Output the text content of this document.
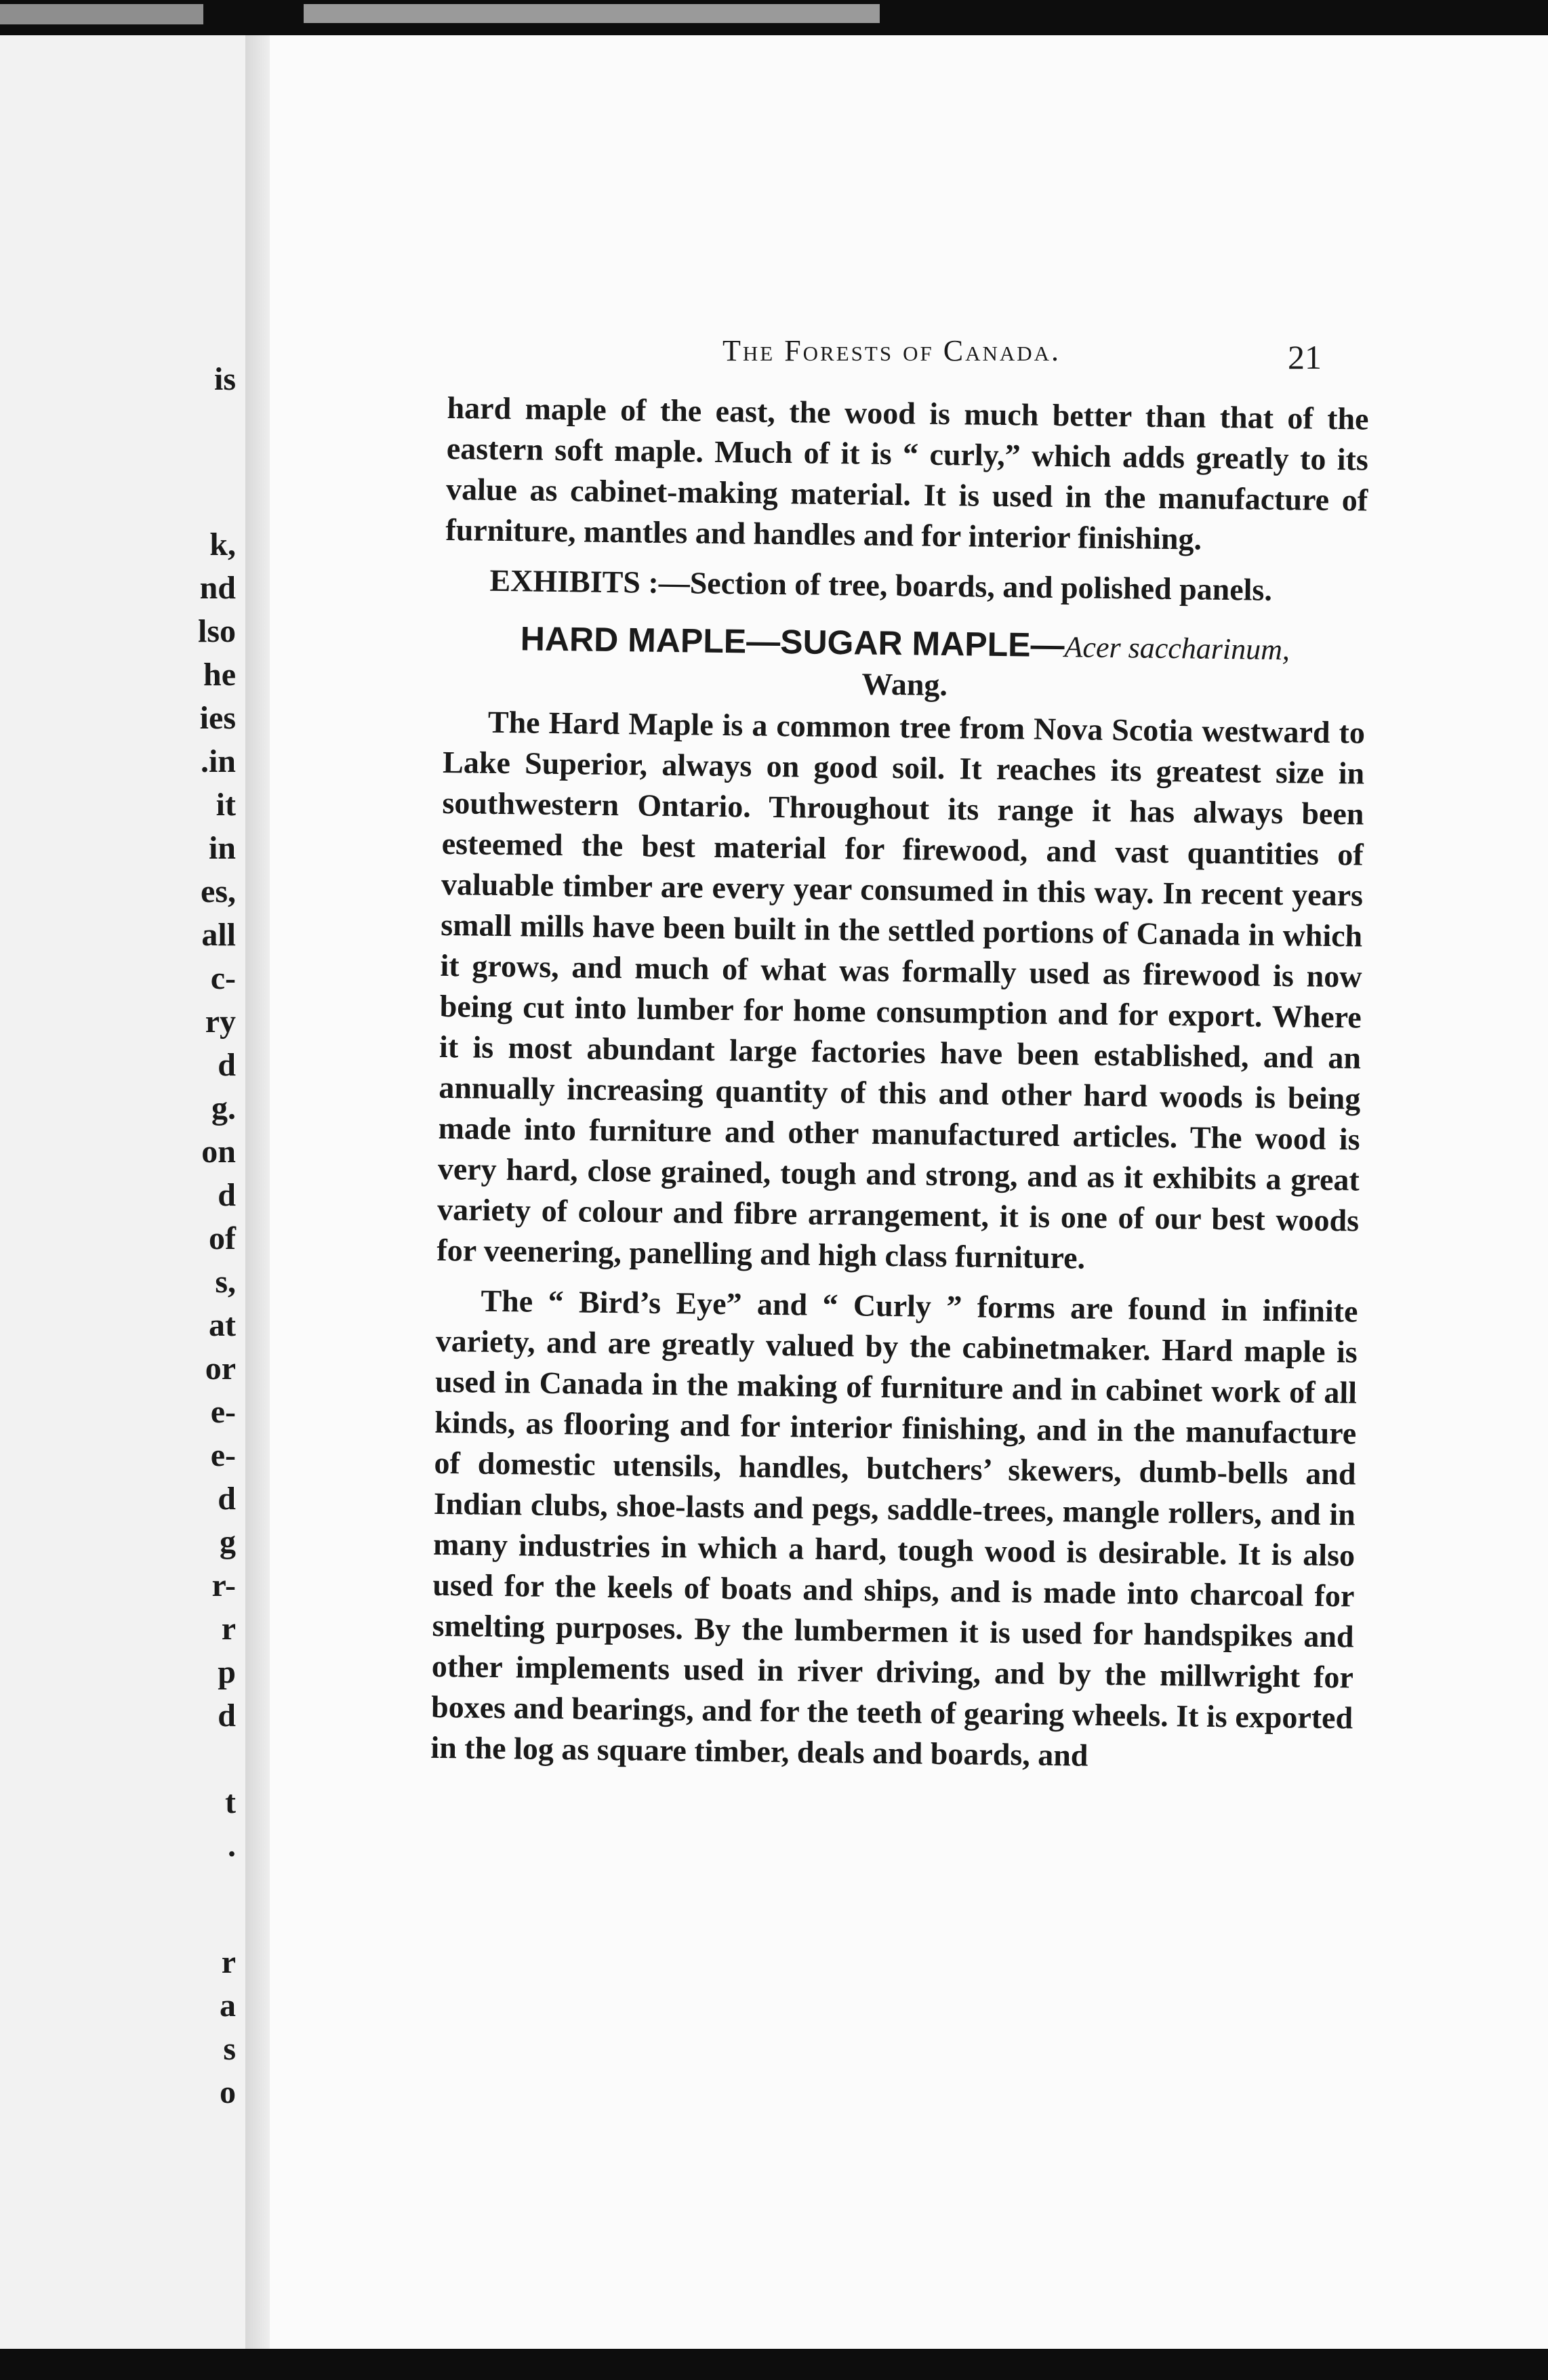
is
k,
nd
lso
he
ies
.in
it
in
es,
all
c-
ry
d
g.
on
d
of
s,
at
or
e-
e-
d
g
r-
r
p
d
t
.
r
a
s
o
The Forests of Canada.	21

hard maple of the east, the wood is much better than that of the eastern soft maple. Much of it is “ curly,” which adds greatly to its value as cabinet-making material. It is used in the manufacture of furniture, mantles and handles and for interior finishing.

EXHIBITS :—Section of tree, boards, and polished panels.

HARD MAPLE—SUGAR MAPLE—Acer saccharinum,
Wang.

The Hard Maple is a common tree from Nova Scotia westward to Lake Superior, always on good soil. It reaches its greatest size in southwestern Ontario. Throughout its range it has always been esteemed the best material for firewood, and vast quantities of valuable timber are every year consumed in this way. In recent years small mills have been built in the settled portions of Canada in which it grows, and much of what was formally used as firewood is now being cut into lumber for home consumption and for export. Where it is most abundant large factories have been established, and an annually increasing quantity of this and other hard woods is being made into furniture and other manufactured articles. The wood is very hard, close grained, tough and strong, and as it exhibits a great variety of colour and fibre arrangement, it is one of our best woods for veenering, panelling and high class furniture.

The “ Bird’s Eye” and “ Curly ” forms are found in infinite variety, and are greatly valued by the cabinetmaker. Hard maple is used in Canada in the making of furniture and in cabinet work of all kinds, as flooring and for interior finishing, and in the manufacture of domestic utensils, handles, butchers’ skewers, dumb-bells and Indian clubs, shoe-lasts and pegs, saddle-trees, mangle rollers, and in many industries in which a hard, tough wood is desirable. It is also used for the keels of boats and ships, and is made into charcoal for smelting purposes. By the lumbermen it is used for handspikes and other implements used in river driving, and by the millwright for boxes and bearings, and for the teeth of gearing wheels. It is exported in the log as square timber, deals and boards, and
